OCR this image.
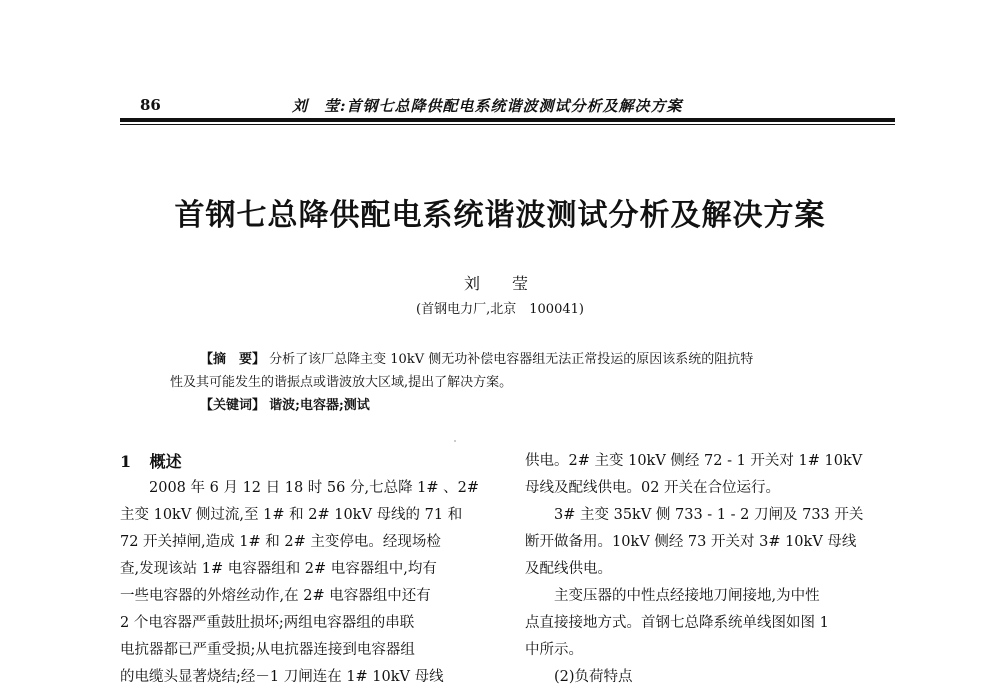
86	刘　莹:首钢七总降供配电系统谐波测试分析及解决方案
首钢七总降供配电系统谐波测试分析及解决方案
刘　莹
(首钢电力厂,北京　100041)
【摘　要】 分析了该厂总降主变 10kV 侧无功补偿电容器组无法正常投运的原因该系统的阻抗特
性及其可能发生的谐振点或谐波放大区域,提出了解决方案。
【关键词】 谐波;电容器;测试
1 概述
2008 年 6 月 12 日 18 时 56 分,七总降 1# 、2#
主变 10kV 侧过流,至 1# 和 2# 10kV 母线的 71 和
72 开关掉闸,造成 1# 和 2# 主变停电。经现场检
查,发现该站 1# 电容器组和 2# 电容器组中,均有
一些电容器的外熔丝动作,在 2# 电容器组中还有
2 个电容器严重鼓肚损坏;两组电容器组的串联
电抗器都已严重受损;从电抗器连接到电容器组
的电缆头显著烧结;经－1 刀闸连在 1# 10kV 母线
供电。2# 主变 10kV 侧经 72 - 1 开关对 1# 10kV
母线及配线供电。02 开关在合位运行。
3# 主变 35kV 侧 733 - 1 - 2 刀闸及 733 开关
断开做备用。10kV 侧经 73 开关对 3# 10kV 母线
及配线供电。
主变压器的中性点经接地刀闸接地,为中性
点直接接地方式。首钢七总降系统单线图如图 1
中所示。
(2)负荷特点
